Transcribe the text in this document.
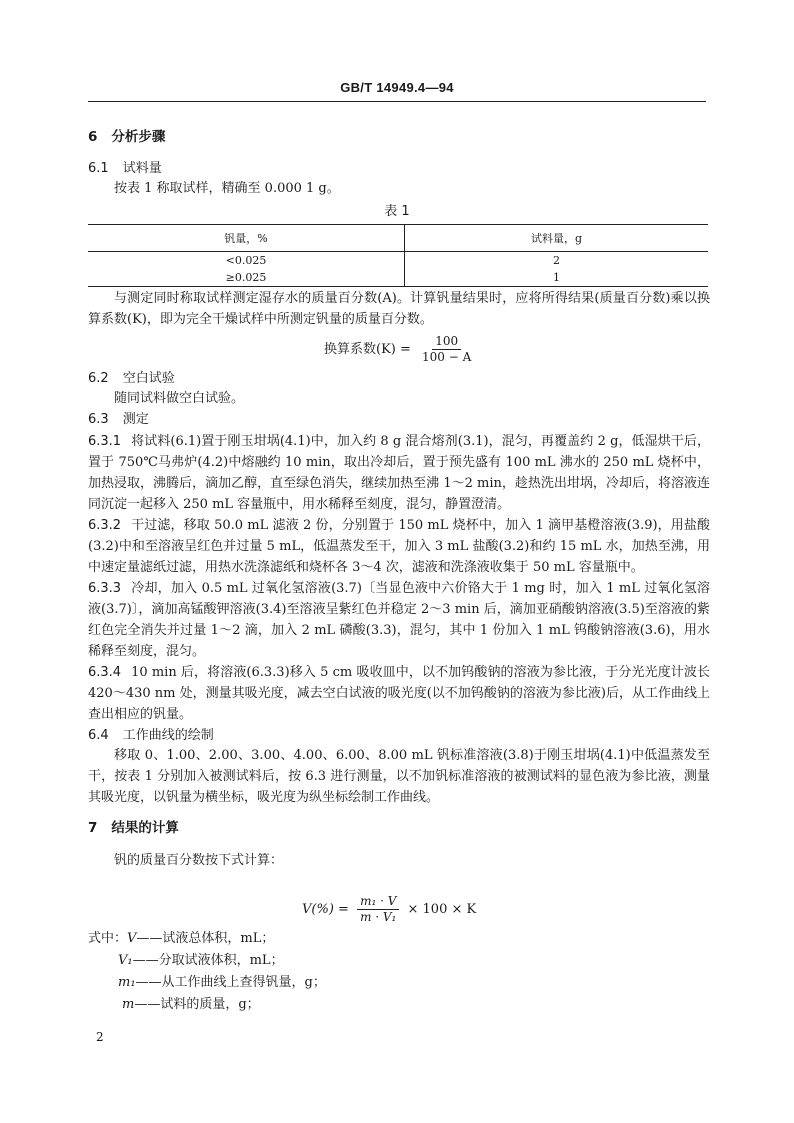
GB/T 14949.4—94
6 分析步骤
6.1 试料量
按表 1 称取试样，精确至 0.000 1 g。
表 1
钒量，%	试料量，g
<0.025	2
≥0.025	1
与测定同时称取试样测定湿存水的质量百分数(A)。计算钒量结果时，应将所得结果(质量百分数)乘以换算系数(K)，即为完全干燥试样中所测定钒量的质量百分数。
换算系数$(K) = \frac{100}{100 - A}$
6.2 空白试验
随同试料做空白试验。
6.3 测定
6.3.1 将试料(6.1)置于刚玉坩埚(4.1)中，加入约 8 g 混合熔剂(3.1)，混匀，再覆盖约 2 g，低湿烘干后，置于 750℃马弗炉(4.2)中熔融约 10 min，取出冷却后，置于预先盛有 100 mL 沸水的 250 mL 烧杯中，加热浸取，沸腾后，滴加乙醇，直至绿色消失，继续加热至沸 1～2 min，趁热洗出坩埚，冷却后，将溶液连同沉淀一起移入 250 mL 容量瓶中，用水稀释至刻度，混匀，静置澄清。
6.3.2 干过滤，移取 50.0 mL 滤液 2 份，分别置于 150 mL 烧杯中，加入 1 滴甲基橙溶液(3.9)，用盐酸(3.2)中和至溶液呈红色并过量 5 mL，低温蒸发至干，加入 3 mL 盐酸(3.2)和约 15 mL 水，加热至沸，用中速定量滤纸过滤，用热水洗涤滤纸和烧杯各 3～4 次，滤液和洗涤液收集于 50 mL 容量瓶中。
6.3.3 冷却，加入 0.5 mL 过氧化氢溶液(3.7)〔当显色液中六价铬大于 1 mg 时，加入 1 mL 过氧化氢溶液(3.7)〕，滴加高锰酸钾溶液(3.4)至溶液呈紫红色并稳定 2～3 min 后，滴加亚硝酸钠溶液(3.5)至溶液的紫红色完全消失并过量 1～2 滴，加入 2 mL 磷酸(3.3)，混匀，其中 1 份加入 1 mL 钨酸钠溶液(3.6)，用水稀释至刻度，混匀。
6.3.4 10 min 后，将溶液(6.3.3)移入 5 cm 吸收皿中，以不加钨酸钠的溶液为参比液，于分光光度计波长 420～430 nm 处，测量其吸光度，减去空白试液的吸光度(以不加钨酸钠的溶液为参比液)后，从工作曲线上查出相应的钒量。
6.4 工作曲线的绘制
移取 0、1.00、2.00、3.00、4.00、6.00、8.00 mL 钒标准溶液(3.8)于刚玉坩埚(4.1)中低温蒸发至干，按表 1 分别加入被测试料后，按 6.3 进行测量，以不加钒标准溶液的被测试料的显色液为参比液，测量其吸光度，以钒量为横坐标，吸光度为纵坐标绘制工作曲线。
7 结果的计算
钒的质量百分数按下式计算：
$V(\%) = \frac{\text{m₁ · V}}{\text{m · V₁}} \times 100 \times K$
式中：V——试液总体积，mL；
V₁——分取试液体积，mL；
m₁——从工作曲线上查得钒量，g；
m——试料的质量，g；
2
